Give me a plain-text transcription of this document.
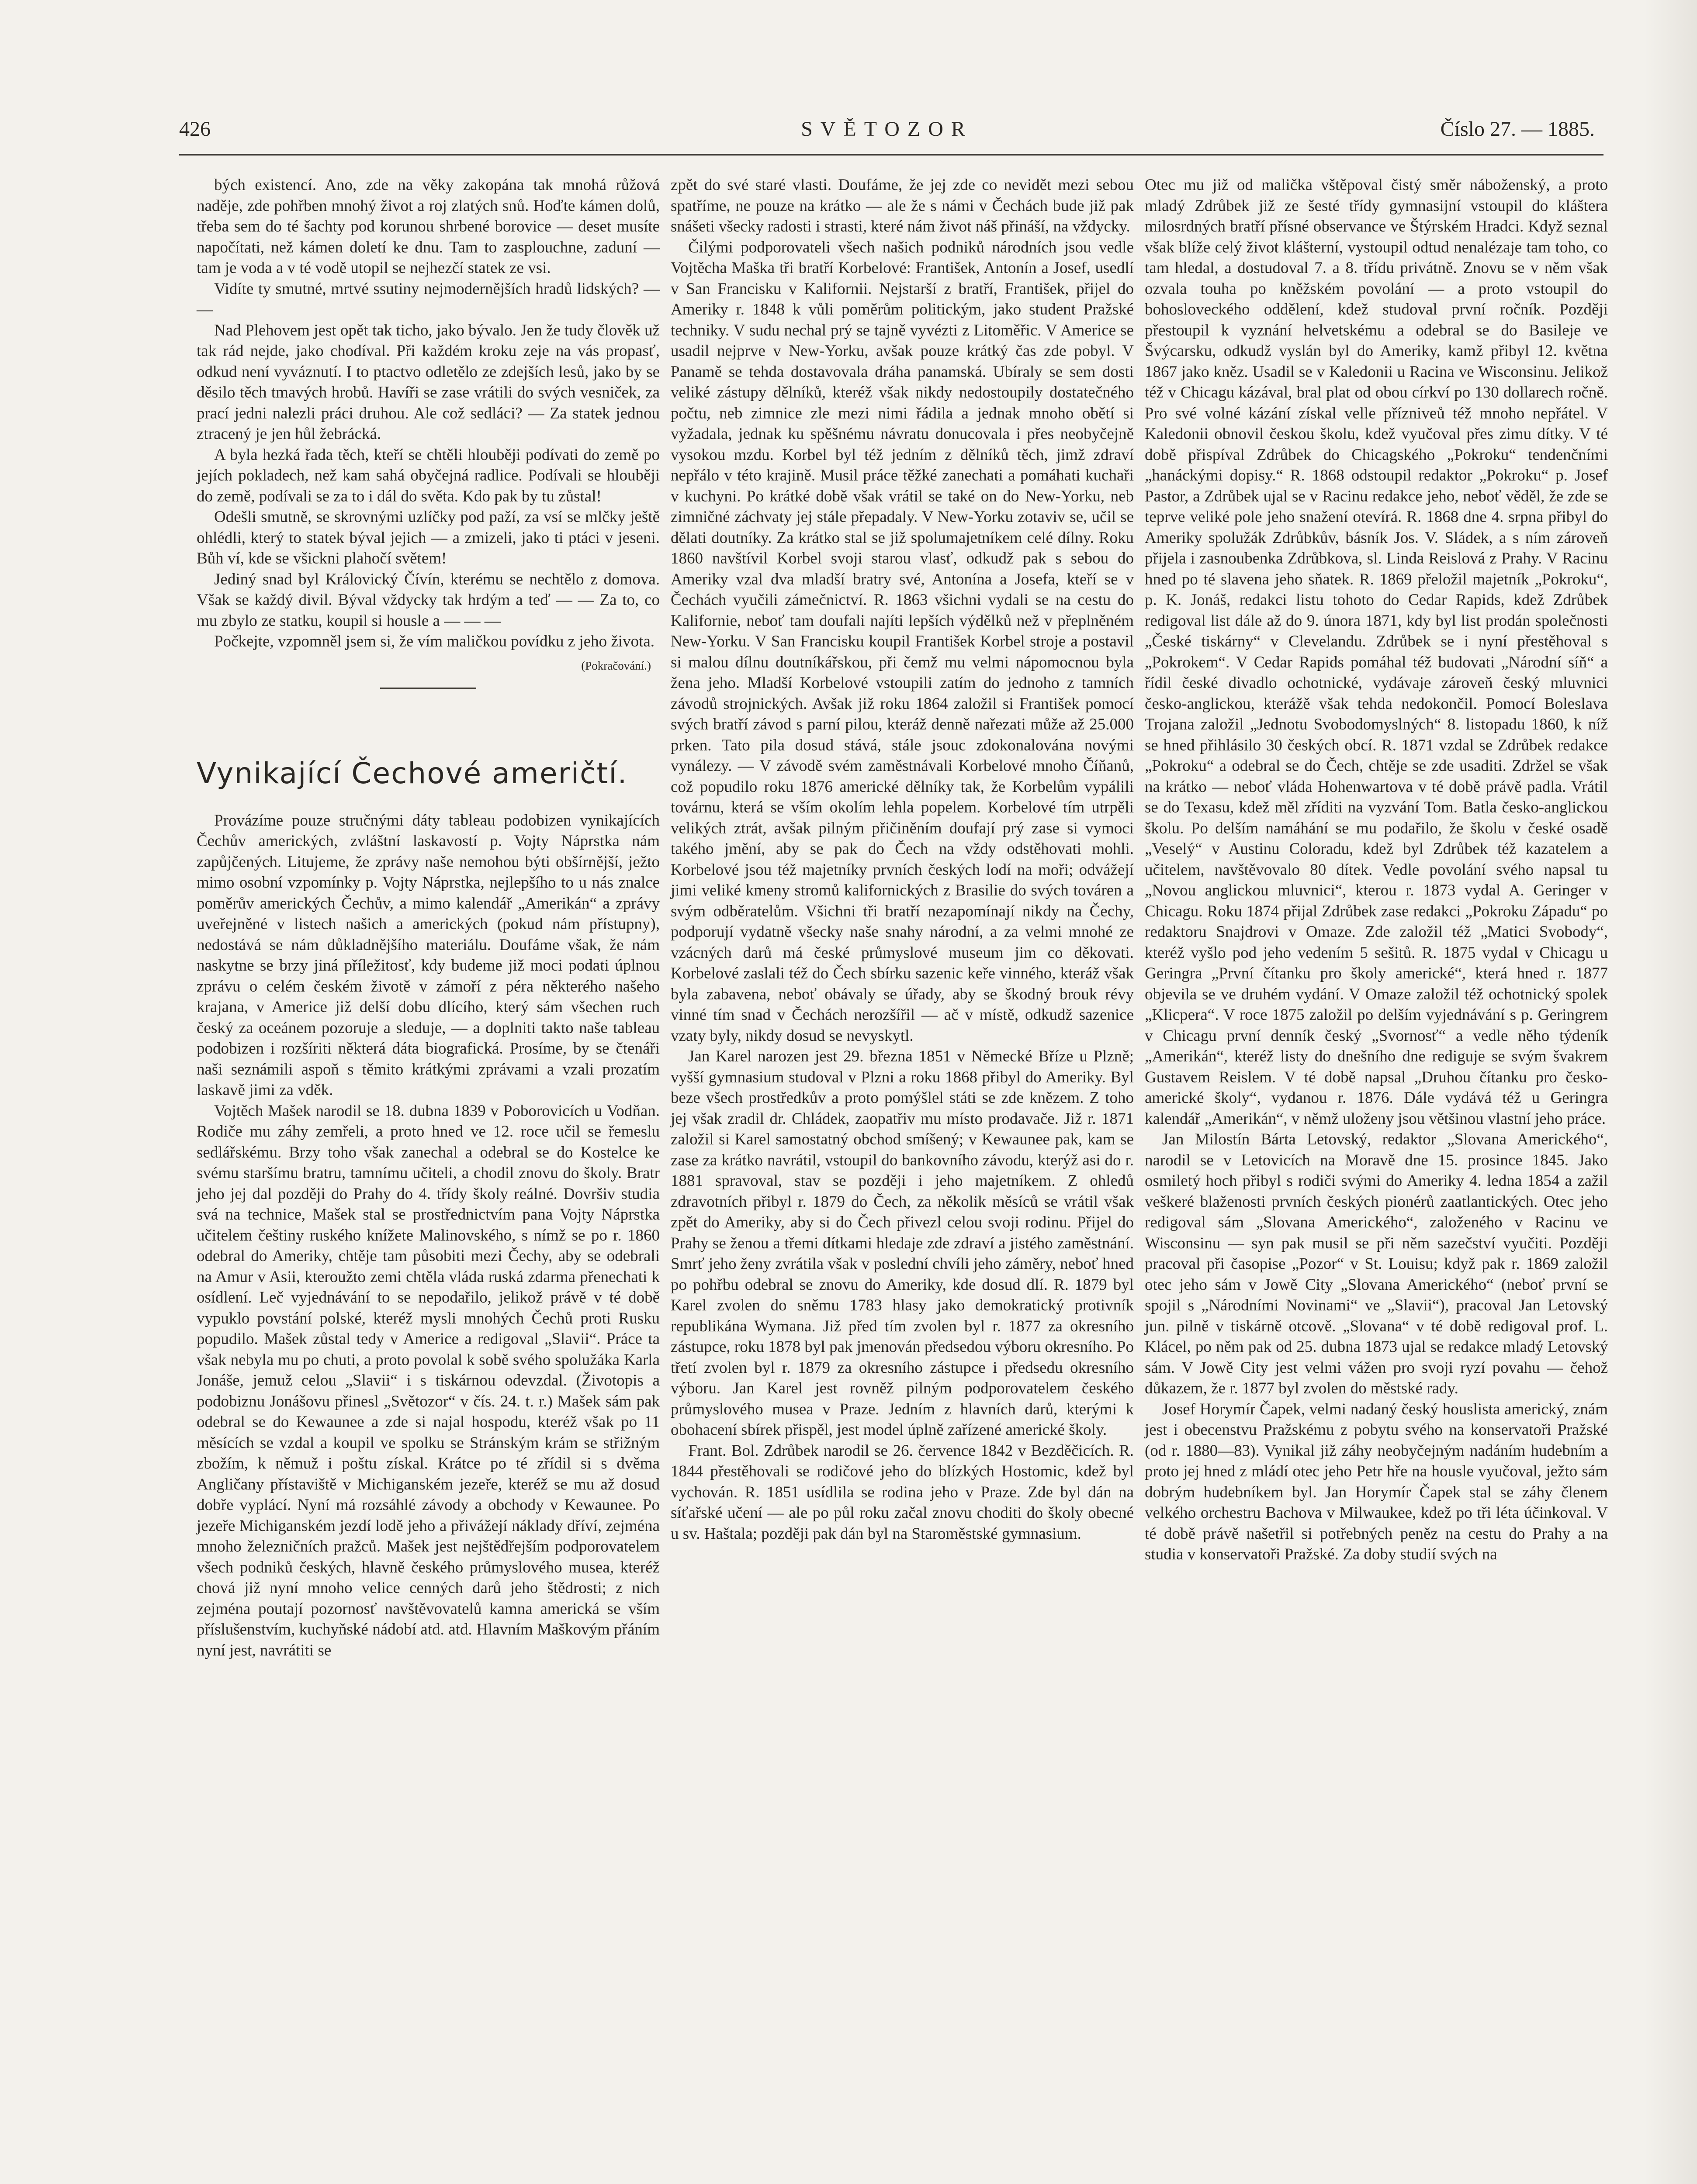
426	SVĚTOZOR	Číslo 27. — 1885.

bých existencí. Ano, zde na věky zakopána tak mnohá růžová naděje, zde pohřben mnohý život a roj zlatých snů. Hoďte kámen dolů, třeba sem do té šachty pod korunou shrbené borovice — deset musíte napočítati, než kámen doletí ke dnu. Tam to zasplouchne, zaduní — tam je voda a v té vodě utopil se nejhezčí statek ze vsi.

Vidíte ty smutné, mrtvé ssutiny nejmodernějších hradů lidských? — —

Nad Plehovem jest opět tak ticho, jako bývalo. Jen že tudy člověk už tak rád nejde, jako chodíval. Při každém kroku zeje na vás propasť, odkud není vyváznutí. I to ptactvo odletělo ze zdejších lesů, jako by se děsilo těch tmavých hrobů. Havíři se zase vrátili do svých vesniček, za prací jedni nalezli práci druhou. Ale což sedláci? — Za statek jednou ztracený je jen hůl žebrácká.

A byla hezká řada těch, kteří se chtěli hlouběji podívati do země po jejích pokladech, než kam sahá obyčejná radlice. Podívali se hlouběji do země, podívali se za to i dál do světa. Kdo pak by tu zůstal!

Odešli smutně, se skrovnými uzlíčky pod paží, za vsí se mlčky ještě ohlédli, který to statek býval jejich — a zmizeli, jako ti ptáci v jeseni. Bůh ví, kde se všickni plahočí světem!

Jediný snad byl Královický Čívín, kterému se nechtělo z domova. Však se každý divil. Býval vždycky tak hrdým a teď — — Za to, co mu zbylo ze statku, koupil si housle a — — —

Počkejte, vzpomněl jsem si, že vím maličkou povídku z jeho života.

(Pokračování.)
Vynikající Čechové američtí.

Provázíme pouze stručnými dáty tableau podobizen vynikajících Čechův amerických, zvláštní laskavostí p. Vojty Náprstka nám zapůjčených. Litujeme, že zprávy naše nemohou býti obšírnější, ježto mimo osobní vzpomínky p. Vojty Náprstka, nejlepšího to u nás znalce poměrův amerických Čechův, a mimo kalendář „Amerikán“ a zprávy uveřejněné v listech našich a amerických (pokud nám přístupny), nedostává se nám důkladnějšího materiálu. Doufáme však, že nám naskytne se brzy jiná příležitosť, kdy budeme již moci podati úplnou zprávu o celém českém životě v zámoří z péra některého našeho krajana, v Americe již delší dobu dlícího, který sám všechen ruch český za oceánem pozoruje a sleduje, — a doplniti takto naše tableau podobizen i rozšíriti některá dáta biografická. Prosíme, by se čtenáři naši seznámili aspoň s těmito krátkými zprávami a vzali prozatím laskavě jimi za vděk.

Vojtěch Mašek narodil se 18. dubna 1839 v Poborovicích u Vodňan. Rodiče mu záhy zemřeli, a proto hned ve 12. roce učil se řemeslu sedlářskému. Brzy toho však zanechal a odebral se do Kostelce ke svému staršímu bratru, tamnímu učiteli, a chodil znovu do školy. Bratr jeho jej dal později do Prahy do 4. třídy školy reálné. Dovršiv studia svá na technice, Mašek stal se prostřednictvím pana Vojty Náprstka učitelem češtiny ruského knížete Malinovského, s nímž se po r. 1860 odebral do Ameriky, chtěje tam působiti mezi Čechy, aby se odebrali na Amur v Asii, kteroužto zemi chtěla vláda ruská zdarma přenechati k osídlení. Leč vyjednávání to se nepodařilo, jelikož právě v té době vypuklo povstání polské, kteréž mysli mnohých Čechů proti Rusku popudilo. Mašek zůstal tedy v Americe a redigoval „Slavii“. Práce ta však nebyla mu po chuti, a proto povolal k sobě svého spolužáka Karla Jonáše, jemuž celou „Slavii“ i s tiskárnou odevzdal. (Životopis a podobiznu Jonášovu přinesl „Světozor“ v čís. 24. t. r.) Mašek sám pak odebral se do Kewaunee a zde si najal hospodu, kteréž však po 11 měsících se vzdal a koupil ve spolku se Stránským krám se střižným zbožím, k němuž i poštu získal. Krátce po té zřídil si s dvěma Angličany přístaviště v Michiganském jezeře, kteréž se mu až dosud dobře vyplácí. Nyní má rozsáhlé závody a obchody v Kewaunee. Po jezeře Michiganském jezdí lodě jeho a přivážejí náklady dříví, zejména mnoho železničních pražců. Mašek jest nejštědřejším podporovatelem všech podniků českých, hlavně českého průmyslového musea, kteréž chová již nyní mnoho velice cenných darů jeho štědrosti; z nich zejména poutají pozornosť navštěvovatelů kamna americká se vším příslušenstvím, kuchyňské nádobí atd. atd. Hlavním Maškovým přáním nyní jest, navrátiti se

zpět do své staré vlasti. Doufáme, že jej zde co nevidět mezi sebou spatříme, ne pouze na krátko — ale že s námi v Čechách bude již pak snášeti všecky radosti i strasti, které nám život náš přináší, na vždycky.

Čilými podporovateli všech našich podniků národních jsou vedle Vojtěcha Maška tři bratří Korbelové: František, Antonín a Josef, usedlí v San Francisku v Kalifornii. Nejstarší z bratří, František, přijel do Ameriky r. 1848 k vůli poměrům politickým, jako student Pražské techniky. V sudu nechal prý se tajně vyvézti z Litoměřic. V Americe se usadil nejprve v New-Yorku, avšak pouze krátký čas zde pobyl. V Panamě se tehda dostavovala dráha panamská. Ubíraly se sem dosti veliké zástupy dělníků, kteréž však nikdy nedostoupily dostatečného počtu, neb zimnice zle mezi nimi řádila a jednak mnoho obětí si vyžadala, jednak ku spěšnému návratu donucovala i přes neobyčejně vysokou mzdu. Korbel byl též jedním z dělníků těch, jimž zdraví nepřálo v této krajině. Musil práce těžké zanechati a pomáhati kuchaři v kuchyni. Po krátké době však vrátil se také on do New-Yorku, neb zimničné záchvaty jej stále přepadaly. V New-Yorku zotaviv se, učil se dělati doutníky. Za krátko stal se již spolumajetníkem celé dílny. Roku 1860 navštívil Korbel svoji starou vlasť, odkudž pak s sebou do Ameriky vzal dva mladší bratry své, Antonína a Josefa, kteří se v Čechách vyučili zámečnictví. R. 1863 všichni vydali se na cestu do Kalifornie, neboť tam doufali najíti lepších výdělků než v přeplněném New-Yorku. V San Francisku koupil František Korbel stroje a postavil si malou dílnu doutníkářskou, při čemž mu velmi nápomocnou byla žena jeho. Mladší Korbelové vstoupili zatím do jednoho z tamních závodů strojnických. Avšak již roku 1864 založil si František pomocí svých bratří závod s parní pilou, kteráž denně nařezati může až 25.000 prken. Tato pila dosud stává, stále jsouc zdokonalována novými vynálezy. — V závodě svém zaměstnávali Korbelové mnoho Číňanů, což popudilo roku 1876 americké dělníky tak, že Korbelům vypálili továrnu, která se vším okolím lehla popelem. Korbelové tím utrpěli velikých ztrát, avšak pilným přičiněním doufají prý zase si vymoci takého jmění, aby se pak do Čech na vždy odstěhovati mohli. Korbelové jsou též majetníky prvních českých lodí na moři; odvážejí jimi veliké kmeny stromů kalifornických z Brasilie do svých továren a svým odběratelům. Všichni tři bratří nezapomínají nikdy na Čechy, podporují vydatně všecky naše snahy národní, a za velmi mnohé ze vzácných darů má české průmyslové museum jim co děkovati. Korbelové zaslali též do Čech sbírku sazenic keře vinného, kteráž však byla zabavena, neboť obávaly se úřady, aby se škodný brouk révy vinné tím snad v Čechách nerozšířil — ač v místě, odkudž sazenice vzaty byly, nikdy dosud se nevyskytl.

Jan Karel narozen jest 29. března 1851 v Německé Bříze u Plzně; vyšší gymnasium studoval v Plzni a roku 1868 přibyl do Ameriky. Byl beze všech prostředkův a proto pomýšlel státi se zde knězem. Z toho jej však zradil dr. Chládek, zaopatřiv mu místo prodavače. Již r. 1871 založil si Karel samostatný obchod smíšený; v Kewaunee pak, kam se zase za krátko navrátil, vstoupil do bankovního závodu, kterýž asi do r. 1881 spravoval, stav se později i jeho majetníkem. Z ohledů zdravotních přibyl r. 1879 do Čech, za několik měsíců se vrátil však zpět do Ameriky, aby si do Čech přivezl celou svoji rodinu. Přijel do Prahy se ženou a třemi dítkami hledaje zde zdraví a jistého zaměstnání. Smrť jeho ženy zvrátila však v poslední chvíli jeho záměry, neboť hned po pohřbu odebral se znovu do Ameriky, kde dosud dlí. R. 1879 byl Karel zvolen do sněmu 1783 hlasy jako demokratický protivník republikána Wymana. Již před tím zvolen byl r. 1877 za okresního zástupce, roku 1878 byl pak jmenován předsedou výboru okresního. Po třetí zvolen byl r. 1879 za okresního zástupce i předsedu okresního výboru. Jan Karel jest rovněž pilným podporovatelem českého průmyslového musea v Praze. Jedním z hlavních darů, kterými k obohacení sbírek přispěl, jest model úplně zařízené americké školy.

Frant. Bol. Zdrůbek narodil se 26. července 1842 v Bezděčicích. R. 1844 přestěhovali se rodičové jeho do blízkých Hostomic, kdež byl vychován. R. 1851 usídlila se rodina jeho v Praze. Zde byl dán na síťařské učení — ale po půl roku začal znovu choditi do školy obecné u sv. Haštala; později pak dán byl na Staroměstské gymnasium.

Otec mu již od malička vštěpoval čistý směr náboženský, a proto mladý Zdrůbek již ze šesté třídy gymnasijní vstoupil do kláštera milosrdných bratří přísné observance ve Štýrském Hradci. Když seznal však blíže celý život klášterní, vystoupil odtud nenalézaje tam toho, co tam hledal, a dostudoval 7. a 8. třídu privátně. Znovu se v něm však ozvala touha po kněžském povolání — a proto vstoupil do bohosloveckého oddělení, kdež studoval první ročník. Později přestoupil k vyznání helvetskému a odebral se do Basileje ve Švýcarsku, odkudž vyslán byl do Ameriky, kamž přibyl 12. května 1867 jako kněz. Usadil se v Kaledonii u Racina ve Wisconsinu. Jelikož též v Chicagu kázával, bral plat od obou církví po 130 dollarech ročně. Pro své volné kázání získal velle přízniveů též mnoho nepřátel. V Kaledonii obnovil českou školu, kdež vyučoval přes zimu dítky. V té době přispíval Zdrůbek do Chicagského „Pokroku“ tendenčními „hanáckými dopisy.“ R. 1868 odstoupil redaktor „Pokroku“ p. Josef Pastor, a Zdrůbek ujal se v Racinu redakce jeho, neboť věděl, že zde se teprve veliké pole jeho snažení otevírá. R. 1868 dne 4. srpna přibyl do Ameriky spolužák Zdrůbkův, básník Jos. V. Sládek, a s ním zároveň přijela i zasnoubenka Zdrůbkova, sl. Linda Reislová z Prahy. V Racinu hned po té slavena jeho sňatek. R. 1869 přeložil majetník „Pokroku“, p. K. Jonáš, redakci listu tohoto do Cedar Rapids, kdež Zdrůbek redigoval list dále až do 9. února 1871, kdy byl list prodán společnosti „České tiskárny“ v Clevelandu. Zdrůbek se i nyní přestěhoval s „Pokrokem“. V Cedar Rapids pomáhal též budovati „Národní síň“ a řídil české divadlo ochotnické, vydávaje zároveň český mluvnici česko-anglickou, kterážě však tehda nedokončil. Pomocí Boleslava Trojana založil „Jednotu Svobodomyslných“ 8. listopadu 1860, k níž se hned přihlásilo 30 českých obcí. R. 1871 vzdal se Zdrůbek redakce „Pokroku“ a odebral se do Čech, chtěje se zde usaditi. Zdržel se však na krátko — neboť vláda Hohenwartova v té době právě padla. Vrátil se do Texasu, kdež měl zříditi na vyzvání Tom. Batla česko-anglickou školu. Po delším namáhání se mu podařilo, že školu v české osadě „Veselý“ v Austinu Coloradu, kdež byl Zdrůbek též kazatelem a učitelem, navštěvovalo 80 dítek. Vedle povolání svého napsal tu „Novou anglickou mluvnici“, kterou r. 1873 vydal A. Geringer v Chicagu. Roku 1874 přijal Zdrůbek zase redakci „Pokroku Západu“ po redaktoru Snajdrovi v Omaze. Zde založil též „Matici Svobody“, kteréž vyšlo pod jeho vedením 5 sešitů. R. 1875 vydal v Chicagu u Geringra „První čítanku pro školy americké“, která hned r. 1877 objevila se ve druhém vydání. V Omaze založil též ochotnický spolek „Klicpera“. V roce 1875 založil po delším vyjednávání s p. Geringrem v Chicagu první denník český „Svornosť“ a vedle něho týdeník „Amerikán“, kteréž listy do dnešního dne rediguje se svým švakrem Gustavem Reislem. V té době napsal „Druhou čítanku pro česko-americké školy“, vydanou r. 1876. Dále vydává též u Geringra kalendář „Amerikán“, v němž uloženy jsou většinou vlastní jeho práce.

Jan Milostín Bárta Letovský, redaktor „Slovana Amerického“, narodil se v Letovicích na Moravě dne 15. prosince 1845. Jako osmiletý hoch přibyl s rodiči svými do Ameriky 4. ledna 1854 a zažil veškeré blaženosti prvních českých pionérů zaatlantických. Otec jeho redigoval sám „Slovana Amerického“, založeného v Racinu ve Wisconsinu — syn pak musil se při něm sazečství vyučiti. Později pracoval při časopise „Pozor“ v St. Louisu; když pak r. 1869 založil otec jeho sám v Jowě City „Slovana Amerického“ (neboť první se spojil s „Národními Novinami“ ve „Slavii“), pracoval Jan Letovský jun. pilně v tiskárně otcově. „Slovana“ v té době redigoval prof. L. Klácel, po něm pak od 25. dubna 1873 ujal se redakce mladý Letovský sám. V Jowě City jest velmi vážen pro svoji ryzí povahu — čehož důkazem, že r. 1877 byl zvolen do městské rady.

Josef Horymír Čapek, velmi nadaný český houslista americký, znám jest i obecenstvu Pražskému z pobytu svého na konservatoři Pražské (od r. 1880—83). Vynikal již záhy neobyčejným nadáním hudebním a proto jej hned z mládí otec jeho Petr hře na housle vyučoval, ježto sám dobrým hudebníkem byl. Jan Horymír Čapek stal se záhy členem velkého orchestru Bachova v Milwaukee, kdež po tři léta účinkoval. V té době právě našetřil si potřebných peněz na cestu do Prahy a na studia v konservatoři Pražské. Za doby studií svých na
